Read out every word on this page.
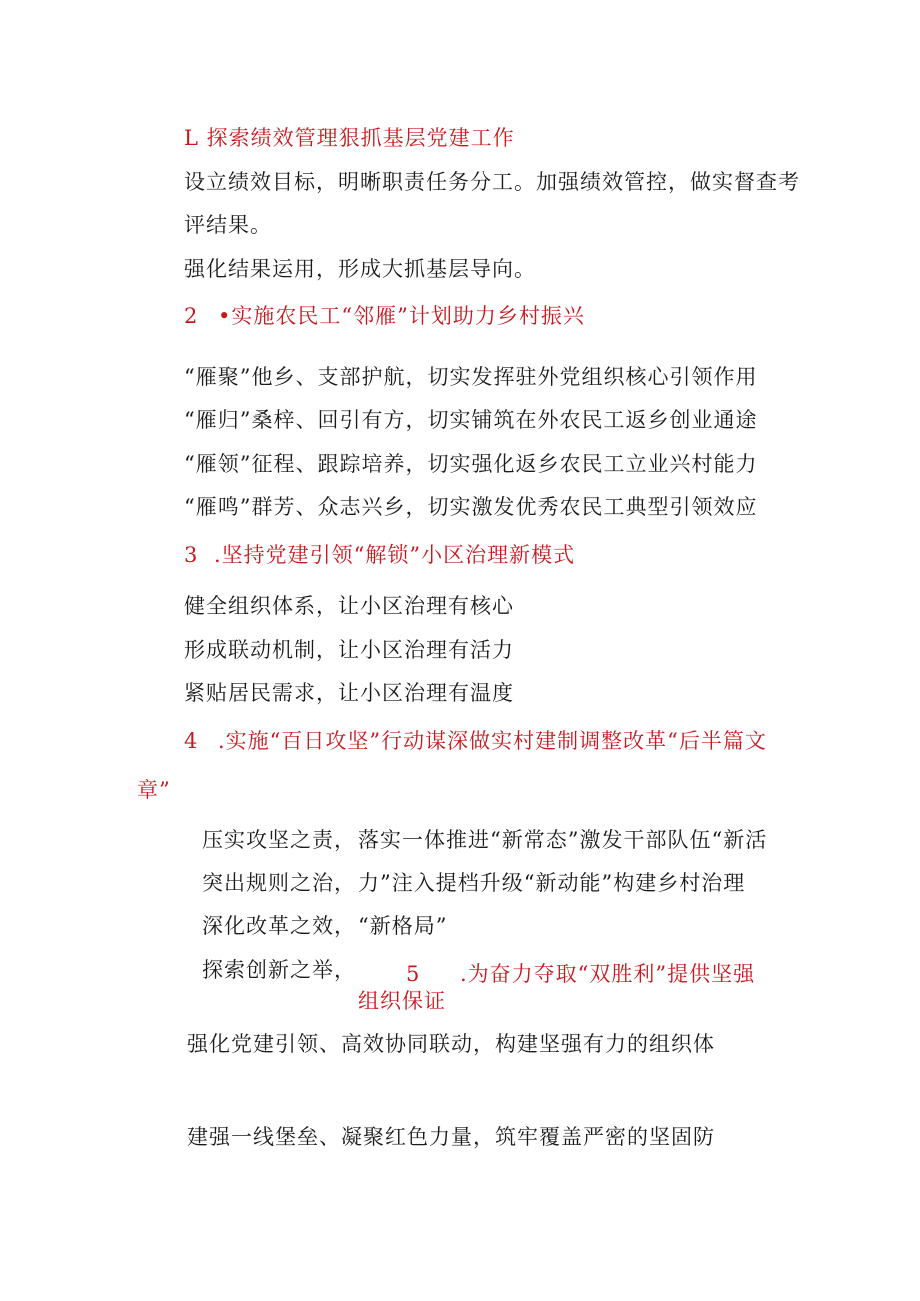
L 探索绩效管理狠抓基层党建工作
设立绩效目标，明晰职责任务分工。加强绩效管控，做实督查考
评结果。
强化结果运用，形成大抓基层导向。
2 •实施农民工“邻雁”计划助力乡村振兴
“雁聚”他乡、支部护航，切实发挥驻外党组织核心引领作用
“雁归”桑梓、回引有方，切实铺筑在外农民工返乡创业通途
“雁领”征程、跟踪培养，切实强化返乡农民工立业兴村能力
“雁鸣”群芳、众志兴乡，切实激发优秀农民工典型引领效应
3 .坚持党建引领“解锁”小区治理新模式
健全组织体系，让小区治理有核心
形成联动机制，让小区治理有活力
紧贴居民需求，让小区治理有温度
4 .实施“百日攻坚”行动谋深做实村建制调整改革“后半篇文
章”
压实攻坚之责，
突出规则之治，
深化改革之效，
探索创新之举，
落实一体推进“新常态”激发干部队伍“新活
力”注入提档升级“新动能”构建乡村治理
“新格局”
5 .为奋力夺取“双胜利”提供坚强
组织保证
强化党建引领、高效协同联动，构建坚强有力的组织体
建强一线堡垒、凝聚红色力量，筑牢覆盖严密的坚固防
